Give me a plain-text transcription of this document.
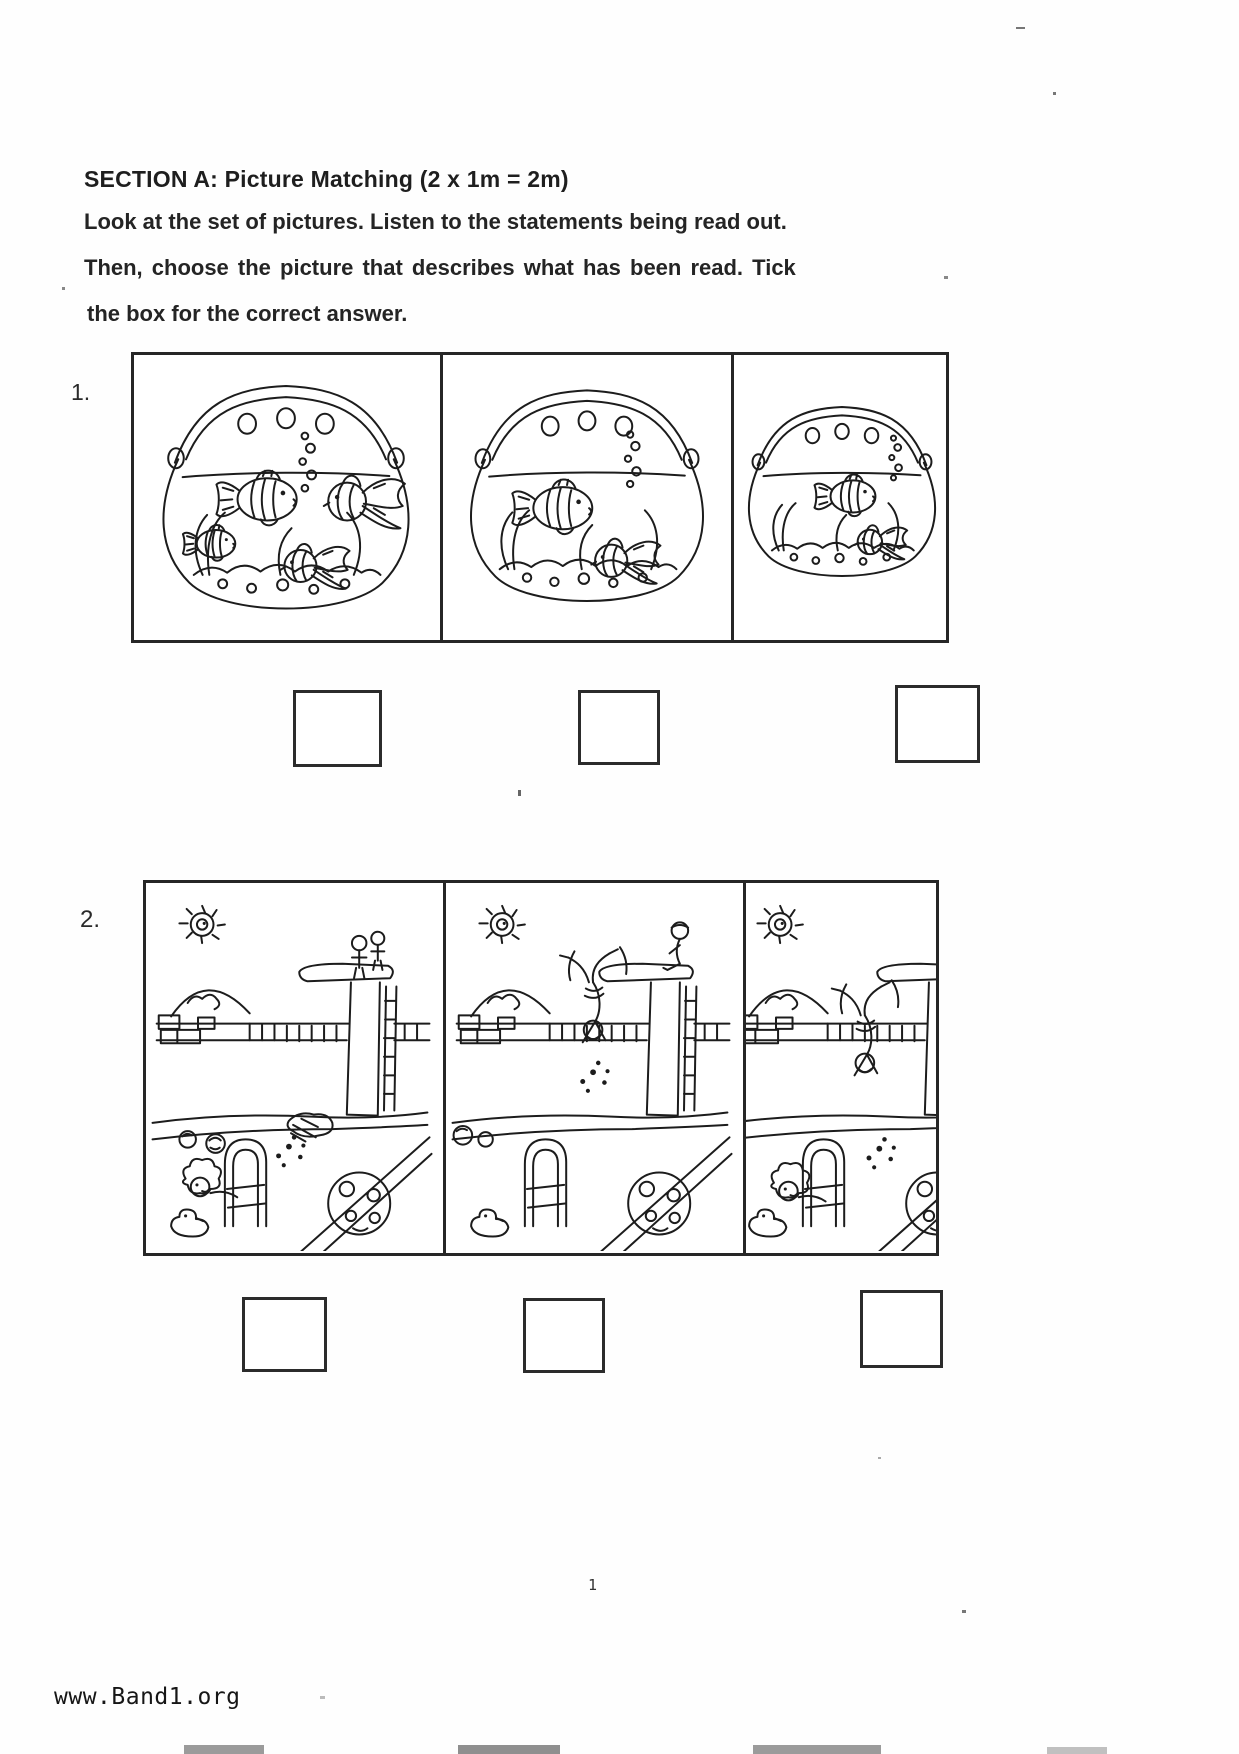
SECTION A: Picture Matching (2 x 1m = 2m)
Look at the set of pictures. Listen to the statements being read out.
Then, choose the picture that describes what has been read. Tick
the box for the correct answer.
1.
2.
1
www.Band1.org
